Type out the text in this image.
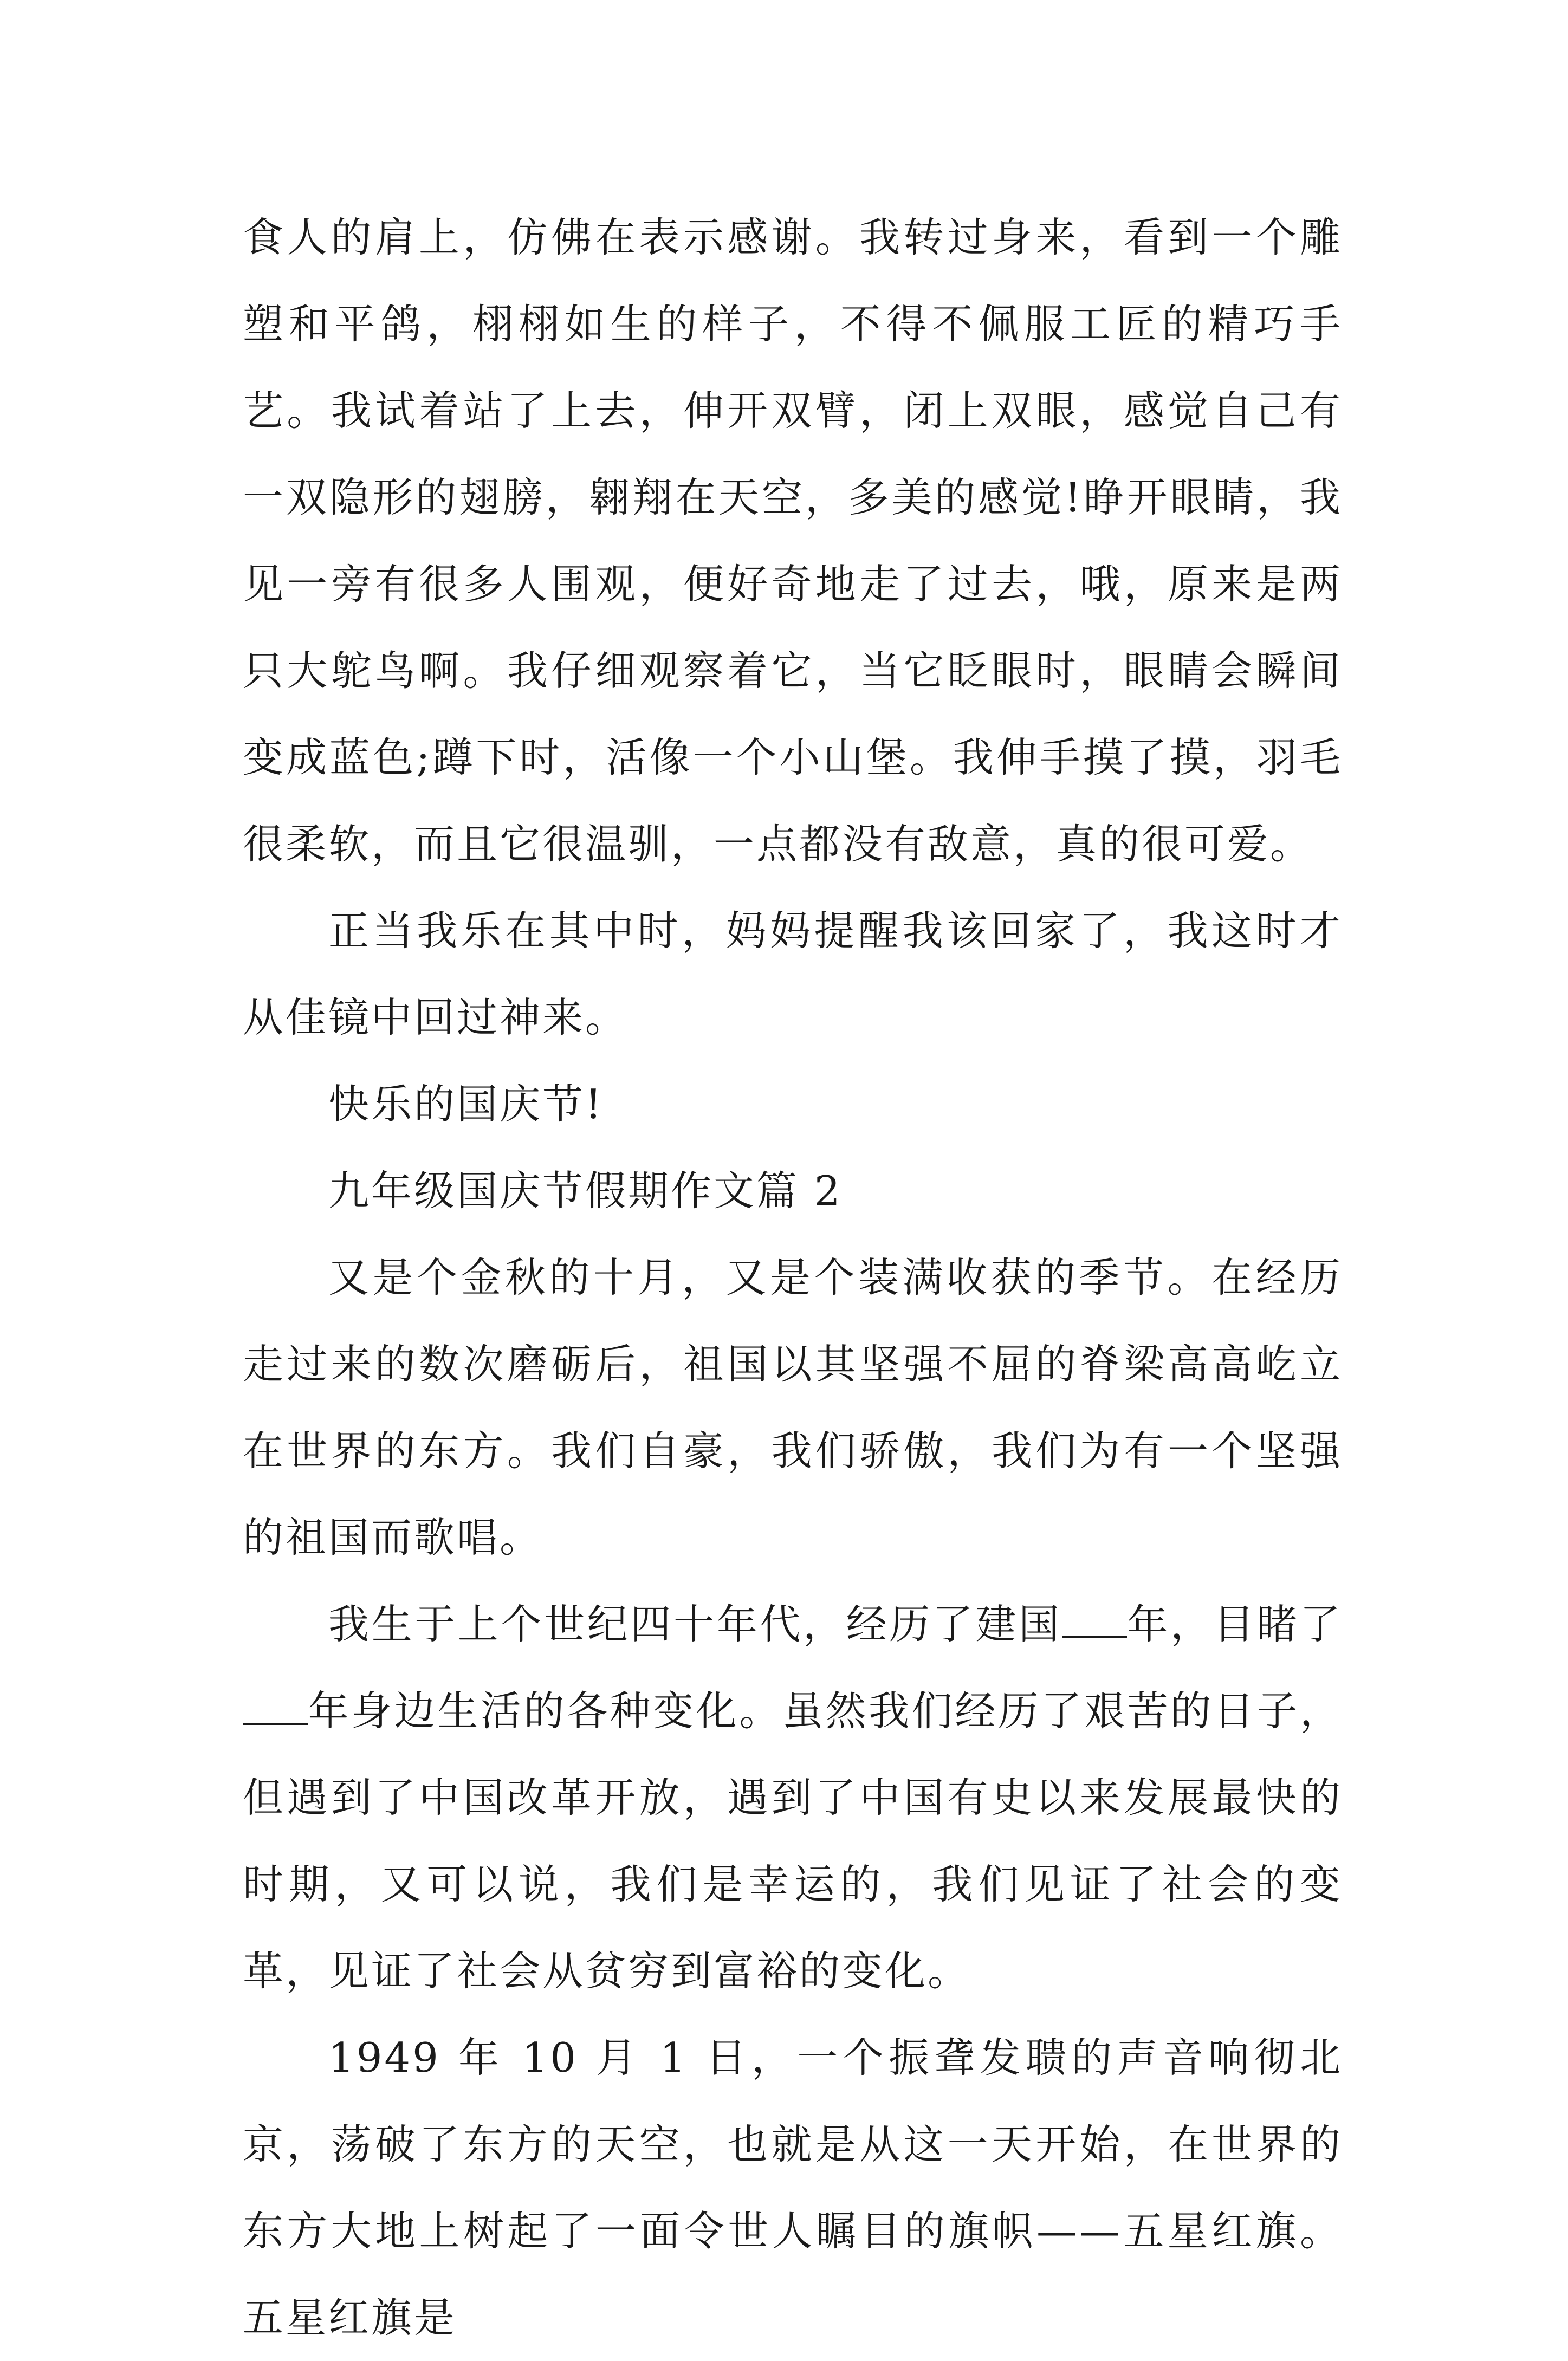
食人的肩上，仿佛在表示感谢。我转过身来，看到一个雕塑和平鸽，栩栩如生的样子，不得不佩服工匠的精巧手艺。我试着站了上去，伸开双臂，闭上双眼，感觉自己有一双隐形的翅膀，翱翔在天空，多美的感觉!睁开眼睛，我见一旁有很多人围观，便好奇地走了过去，哦，原来是两只大鸵鸟啊。我仔细观察着它，当它眨眼时，眼睛会瞬间变成蓝色;蹲下时，活像一个小山堡。我伸手摸了摸，羽毛很柔软，而且它很温驯，一点都没有敌意，真的很可爱。

正当我乐在其中时，妈妈提醒我该回家了，我这时才从佳镜中回过神来。

快乐的国庆节!

九年级国庆节假期作文篇 2

又是个金秋的十月，又是个装满收获的季节。在经历走过来的数次磨砺后，祖国以其坚强不屈的脊梁高高屹立在世界的东方。我们自豪，我们骄傲，我们为有一个坚强的祖国而歌唱。

我生于上个世纪四十年代，经历了建国 年，目睹了年身边生活的各种变化。虽然我们经历了艰苦的日子，但遇到了中国改革开放，遇到了中国有史以来发展最快的时期，又可以说，我们是幸运的，我们见证了社会的变革，见证了社会从贫穷到富裕的变化。

1949 年 10 月 1 日，一个振聋发聩的声音响彻北京，荡破了东方的天空，也就是从这一天开始，在世界的东方大地上树起了一面令世人瞩目的旗帜——五星红旗。五星红旗是
